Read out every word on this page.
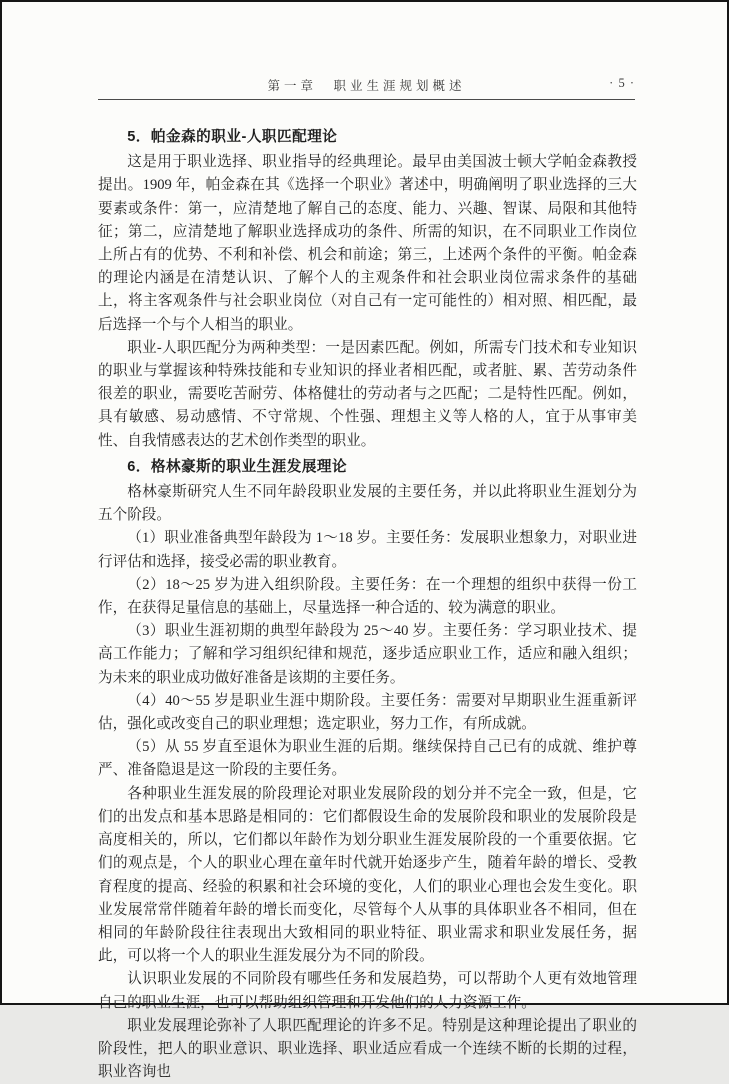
第一章　职业生涯规划概述	· 5 ·

5．帕金森的职业-人职匹配理论

这是用于职业选择、职业指导的经典理论。最早由美国波士顿大学帕金森教授提出。1909 年，帕金森在其《选择一个职业》著述中，明确阐明了职业选择的三大要素或条件：第一，应清楚地了解自己的态度、能力、兴趣、智谋、局限和其他特征；第二，应清楚地了解职业选择成功的条件、所需的知识，在不同职业工作岗位上所占有的优势、不利和补偿、机会和前途；第三，上述两个条件的平衡。帕金森的理论内涵是在清楚认识、了解个人的主观条件和社会职业岗位需求条件的基础上，将主客观条件与社会职业岗位（对自己有一定可能性的）相对照、相匹配，最后选择一个与个人相当的职业。

职业-人职匹配分为两种类型：一是因素匹配。例如，所需专门技术和专业知识的职业与掌握该种特殊技能和专业知识的择业者相匹配，或者脏、累、苦劳动条件很差的职业，需要吃苦耐劳、体格健壮的劳动者与之匹配；二是特性匹配。例如，具有敏感、易动感情、不守常规、个性强、理想主义等人格的人，宜于从事审美性、自我情感表达的艺术创作类型的职业。

6．格林豪斯的职业生涯发展理论

格林豪斯研究人生不同年龄段职业发展的主要任务，并以此将职业生涯划分为五个阶段。

（1）职业准备典型年龄段为 1～18 岁。主要任务：发展职业想象力，对职业进行评估和选择，接受必需的职业教育。

（2）18～25 岁为进入组织阶段。主要任务：在一个理想的组织中获得一份工作，在获得足量信息的基础上，尽量选择一种合适的、较为满意的职业。

（3）职业生涯初期的典型年龄段为 25～40 岁。主要任务：学习职业技术、提高工作能力；了解和学习组织纪律和规范，逐步适应职业工作，适应和融入组织；为未来的职业成功做好准备是该期的主要任务。

（4）40～55 岁是职业生涯中期阶段。主要任务：需要对早期职业生涯重新评估，强化或改变自己的职业理想；选定职业，努力工作，有所成就。

（5）从 55 岁直至退休为职业生涯的后期。继续保持自己已有的成就、维护尊严、准备隐退是这一阶段的主要任务。

各种职业生涯发展的阶段理论对职业发展阶段的划分并不完全一致，但是，它们的出发点和基本思路是相同的：它们都假设生命的发展阶段和职业的发展阶段是高度相关的，所以，它们都以年龄作为划分职业生涯发展阶段的一个重要依据。它们的观点是，个人的职业心理在童年时代就开始逐步产生，随着年龄的增长、受教育程度的提高、经验的积累和社会环境的变化，人们的职业心理也会发生变化。职业发展常常伴随着年龄的增长而变化，尽管每个人从事的具体职业各不相同，但在相同的年龄阶段往往表现出大致相同的职业特征、职业需求和职业发展任务，据此，可以将一个人的职业生涯发展分为不同的阶段。

认识职业发展的不同阶段有哪些任务和发展趋势，可以帮助个人更有效地管理自己的职业生涯，也可以帮助组织管理和开发他们的人力资源工作。

职业发展理论弥补了人职匹配理论的许多不足。特别是这种理论提出了职业的阶段性，把人的职业意识、职业选择、职业适应看成一个连续不断的长期的过程，职业咨询也
